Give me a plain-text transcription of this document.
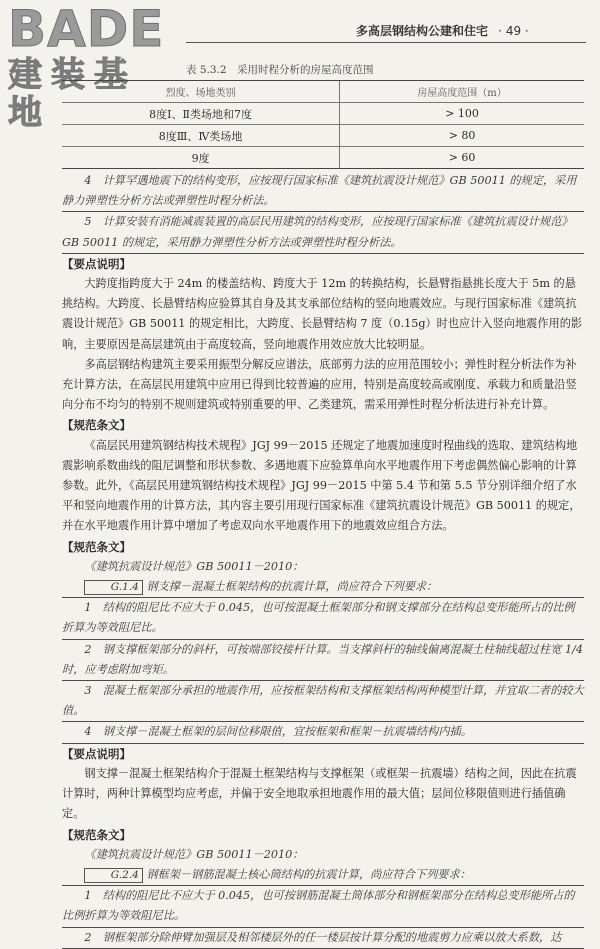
BADE
建装基地
多高层钢结构公建和住宅 · 49 ·
表 5.3.2　采用时程分析的房屋高度范围
烈度、场地类别	房屋高度范围（m）
8度Ⅰ、Ⅱ类场地和7度	> 100
8度Ⅲ、Ⅳ类场地	> 80
9度	> 60

4　计算罕遇地震下的结构变形，应按现行国家标准《建筑抗震设计规范》GB 50011 的规定，采用静力弹塑性分析方法或弹塑性时程分析法。

5　计算安装有消能减震装置的高层民用建筑的结构变形，应按现行国家标准《建筑抗震设计规范》GB 50011 的规定，采用静力弹塑性分析方法或弹塑性时程分析法。

【要点说明】

大跨度指跨度大于 24m 的楼盖结构、跨度大于 12m 的转换结构，长悬臂指悬挑长度大于 5m 的悬挑结构。大跨度、长悬臂结构应验算其自身及其支承部位结构的竖向地震效应。与现行国家标准《建筑抗震设计规范》GB 50011 的规定相比，大跨度、长悬臂结构 7 度（0.15g）时也应计入竖向地震作用的影响，主要原因是高层建筑由于高度较高，竖向地震作用效应放大比较明显。

多高层钢结构建筑主要采用振型分解反应谱法，底部剪力法的应用范围较小；弹性时程分析法作为补充计算方法，在高层民用建筑中应用已得到比较普遍的应用，特别是高度较高或刚度、承载力和质量沿竖向分布不均匀的特别不规则建筑或特别重要的甲、乙类建筑，需采用弹性时程分析法进行补充计算。

【规范条文】

《高层民用建筑钢结构技术规程》JGJ 99－2015 还规定了地震加速度时程曲线的选取、建筑结构地震影响系数曲线的阻尼调整和形状参数、多遇地震下应验算单向水平地震作用下考虑偶然偏心影响的计算参数。此外，《高层民用建筑钢结构技术规程》JGJ 99－2015 中第 5.4 节和第 5.5 节分别详细介绍了水平和竖向地震作用的计算方法，其内容主要引用现行国家标准《建筑抗震设计规范》GB 50011 的规定，并在水平地震作用计算中增加了考虑双向水平地震作用下的地震效应组合方法。

【规范条文】

《建筑抗震设计规范》GB 50011－2010：

G.1.4 钢支撑－混凝土框架结构的抗震计算，尚应符合下列要求：

1　结构的阻尼比不应大于 0.045，也可按混凝土框架部分和钢支撑部分在结构总变形能所占的比例折算为等效阻尼比。

2　钢支撑框架部分的斜杆，可按端部铰接杆计算。当支撑斜杆的轴线偏离混凝土柱轴线超过柱宽 1/4 时，应考虑附加弯矩。

3　混凝土框架部分承担的地震作用，应按框架结构和支撑框架结构两种模型计算，并宜取二者的较大值。

4　钢支撑－混凝土框架的层间位移限值，宜按框架和框架－抗震墙结构内插。

【要点说明】

钢支撑－混凝土框架结构介于混凝土框架结构与支撑框架（或框架－抗震墙）结构之间，因此在抗震计算时，两种计算模型均应考虑，并偏于安全地取承担地震作用的最大值；层间位移限值则进行插值确定。

【规范条文】

《建筑抗震设计规范》GB 50011－2010：

G.2.4 钢框架－钢筋混凝土核心筒结构的抗震计算，尚应符合下列要求：

1　结构的阻尼比不应大于 0.045，也可按钢筋混凝土筒体部分和钢框架部分在结构总变形能所占的比例折算为等效阻尼比。

2　钢框架部分除伸臂加强层及相邻楼层外的任一楼层按计算分配的地震剪力应乘以放大系数，达
